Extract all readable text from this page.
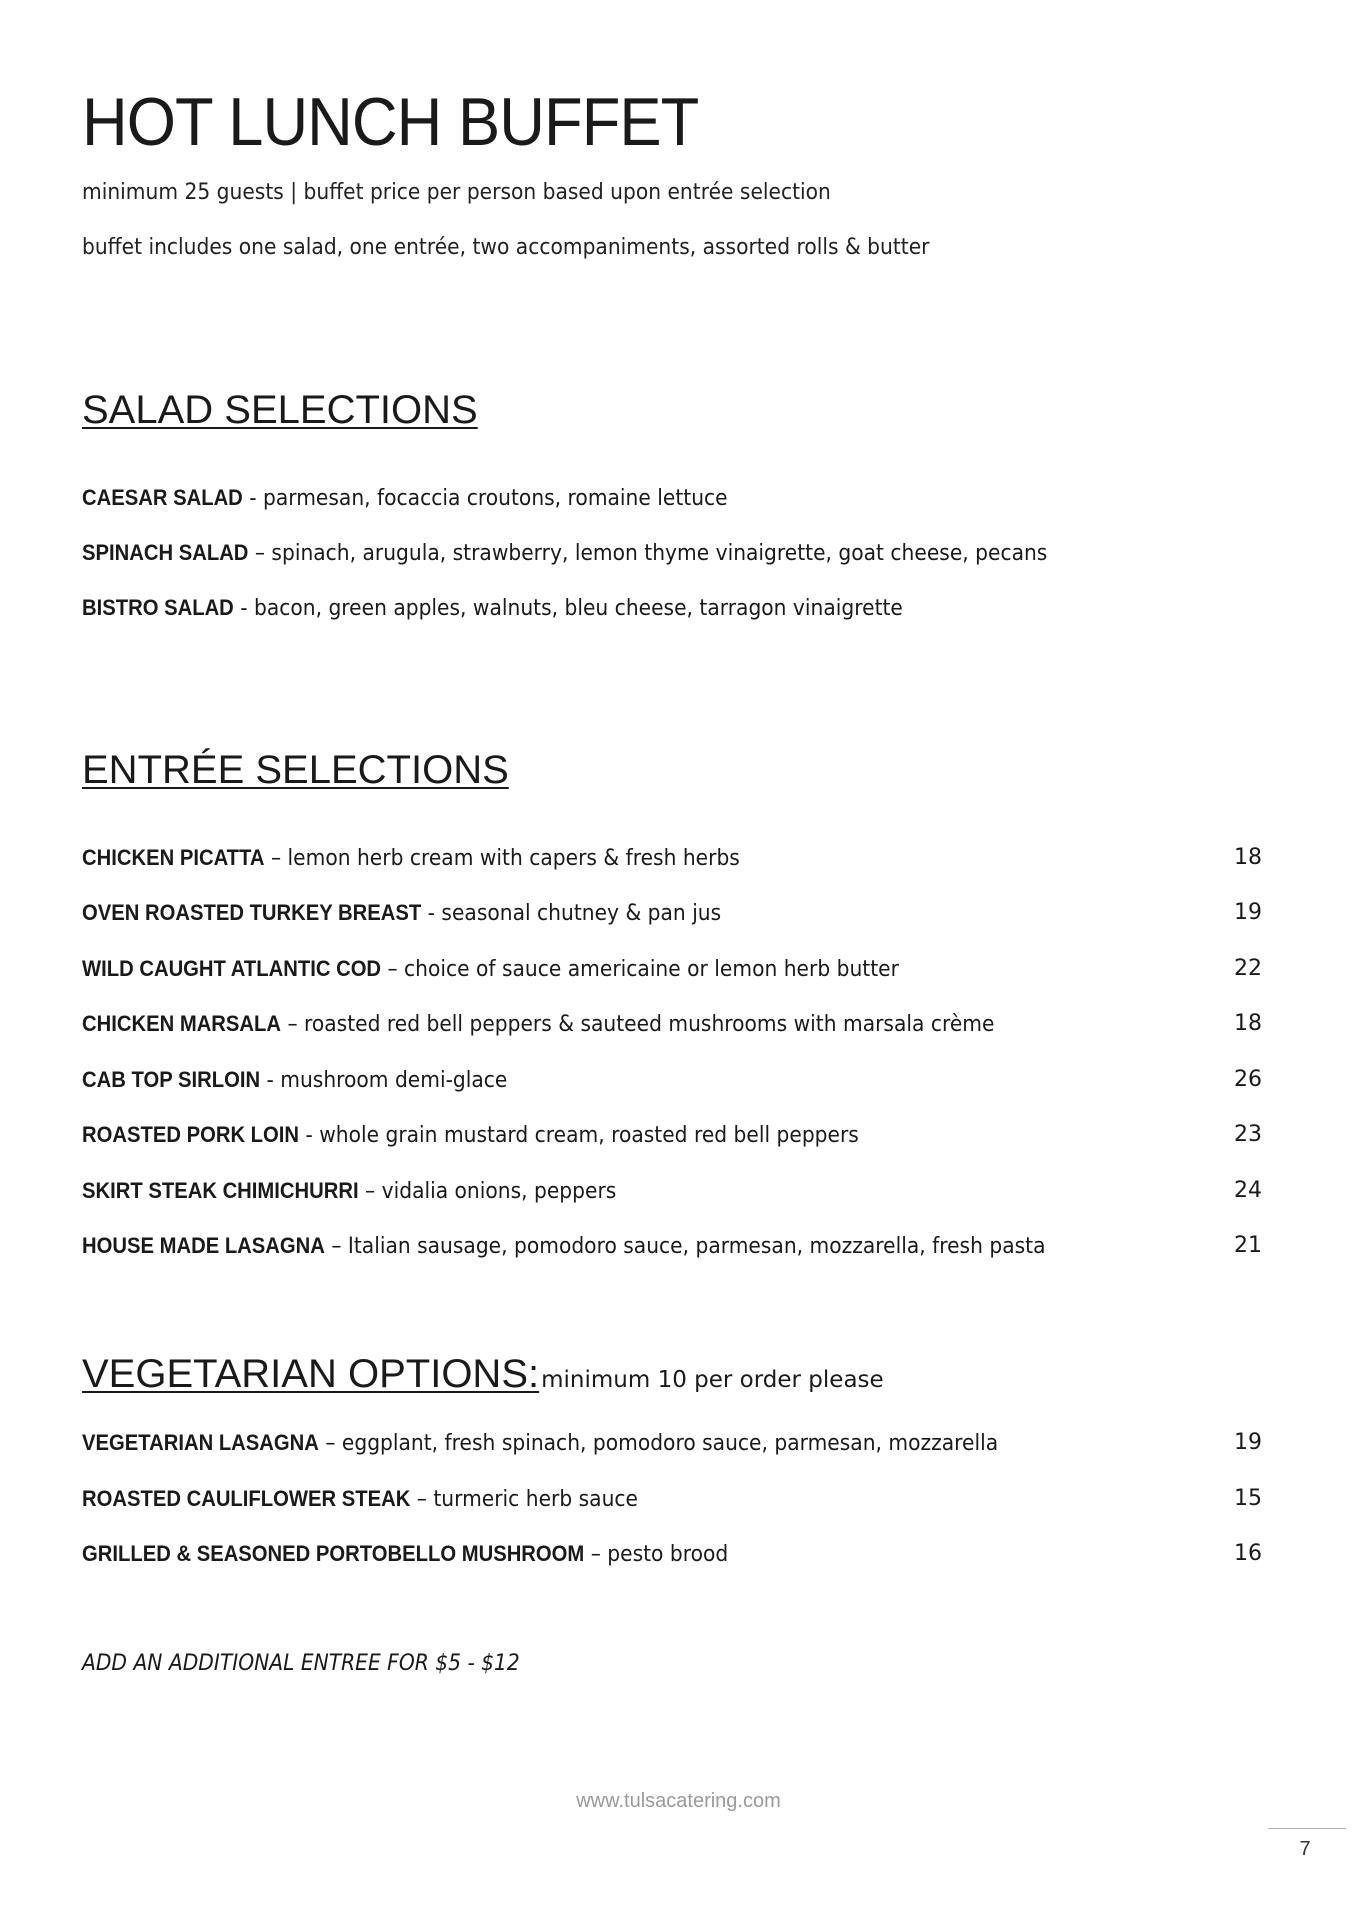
HOT LUNCH BUFFET
minimum 25 guests | buffet price per person based upon entrée selection
buffet includes one salad, one entrée, two accompaniments, assorted rolls & butter
SALAD SELECTIONS
CAESAR SALAD - parmesan, focaccia croutons, romaine lettuce
SPINACH SALAD – spinach, arugula, strawberry, lemon thyme vinaigrette, goat cheese, pecans
BISTRO SALAD - bacon, green apples, walnuts, bleu cheese, tarragon vinaigrette
ENTRÉE SELECTIONS
CHICKEN PICATTA – lemon herb cream with capers & fresh herbs	18
OVEN ROASTED TURKEY BREAST - seasonal chutney & pan jus	19
WILD CAUGHT ATLANTIC COD – choice of sauce americaine or lemon herb butter	22
CHICKEN MARSALA – roasted red bell peppers & sauteed mushrooms with marsala crème	18
CAB TOP SIRLOIN - mushroom demi-glace	26
ROASTED PORK LOIN - whole grain mustard cream, roasted red bell peppers	23
SKIRT STEAK CHIMICHURRI – vidalia onions, peppers	24
HOUSE MADE LASAGNA – Italian sausage, pomodoro sauce, parmesan, mozzarella, fresh pasta	21
VEGETARIAN OPTIONS:minimum 10 per order please
VEGETARIAN LASAGNA – eggplant, fresh spinach, pomodoro sauce, parmesan, mozzarella	19
ROASTED CAULIFLOWER STEAK – turmeric herb sauce	15
GRILLED & SEASONED PORTOBELLO MUSHROOM – pesto brood	16
ADD AN ADDITIONAL ENTREE FOR $5 - $12
www.tulsacatering.com
7
